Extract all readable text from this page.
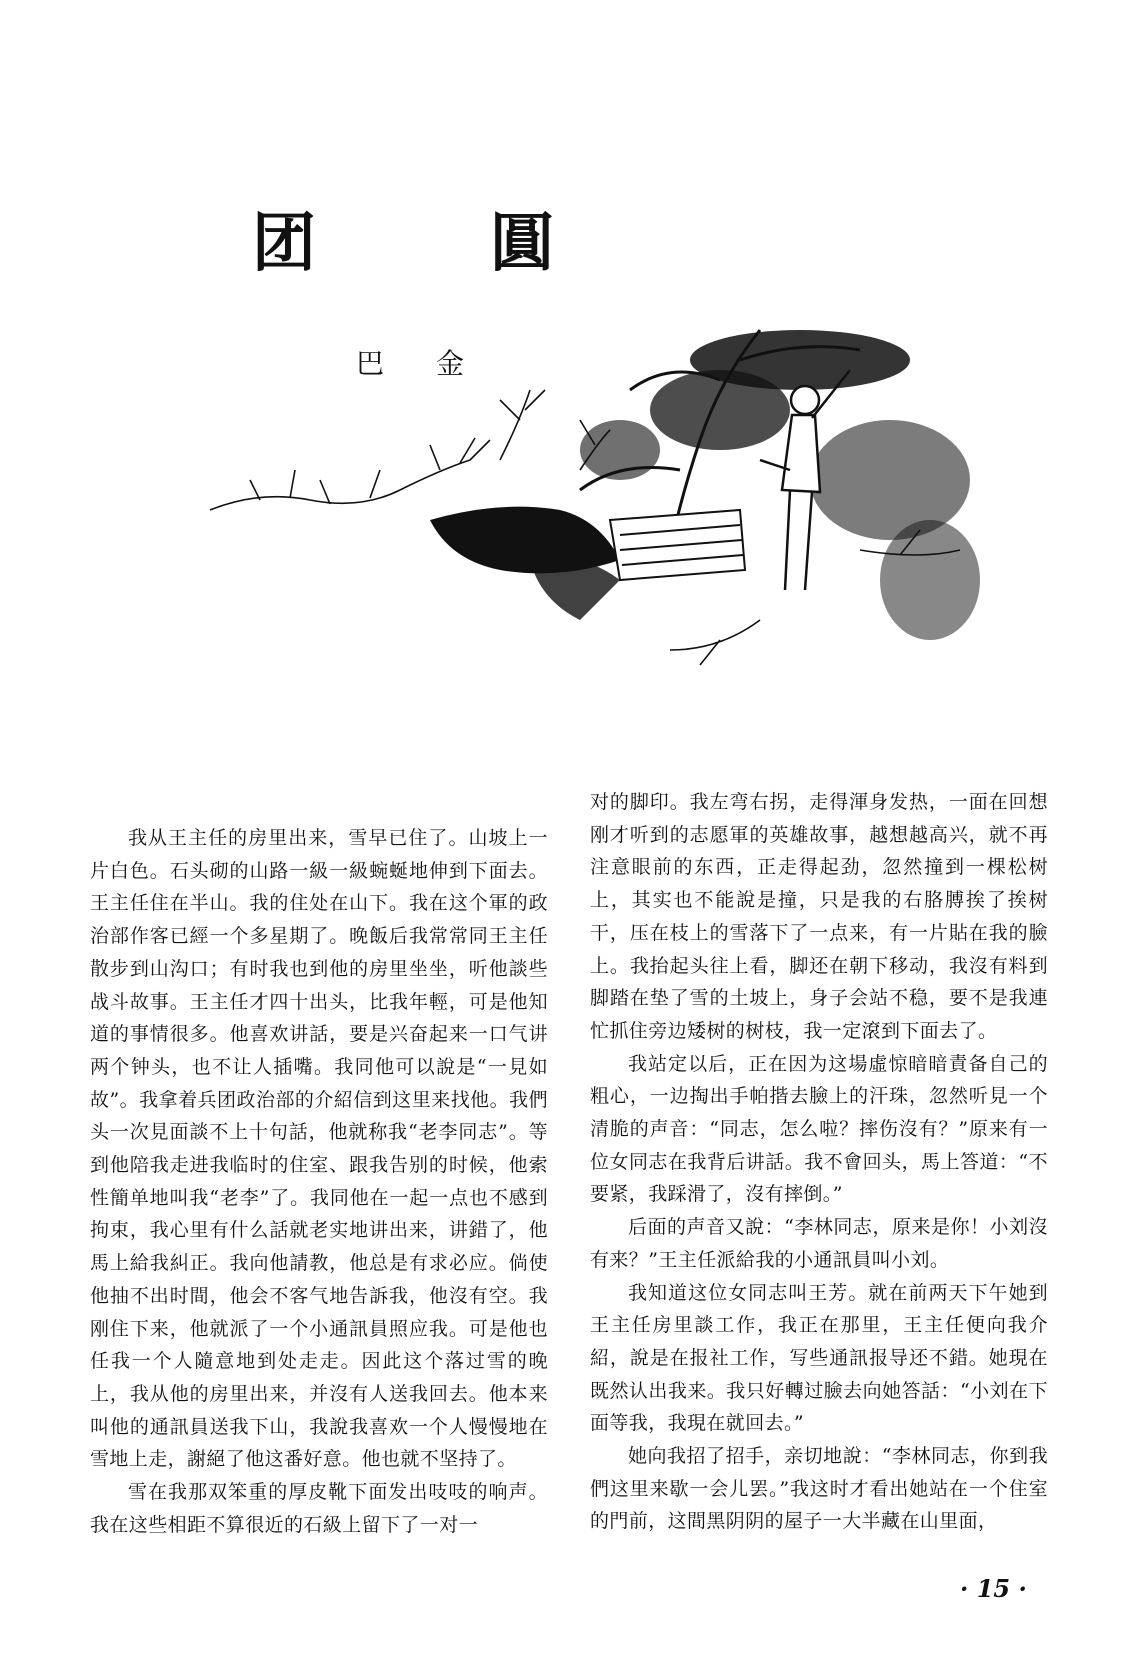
团	圓
巴 金

我从王主任的房里出来，雪早已住了。山坡上一片白色。石头砌的山路一級一級蜿蜒地伸到下面去。王主任住在半山。我的住处在山下。我在这个軍的政治部作客已經一个多星期了。晚飯后我常常同王主任散步到山沟口；有时我也到他的房里坐坐，听他談些战斗故事。王主任才四十出头，比我年輕，可是他知道的事情很多。他喜欢讲話，要是兴奋起来一口气讲两个钟头，也不让人插嘴。我同他可以說是“一見如故”。我拿着兵团政治部的介紹信到这里来找他。我們头一次見面談不上十句話，他就称我“老李同志”。等到他陪我走进我临时的住室、跟我告别的时候，他索性簡单地叫我“老李”了。我同他在一起一点也不感到拘束，我心里有什么話就老实地讲出来，讲錯了，他馬上給我糾正。我向他請教，他总是有求必应。倘使他抽不出时間，他会不客气地告訴我，他沒有空。我刚住下来，他就派了一个小通訊員照应我。可是他也任我一个人隨意地到处走走。因此这个落过雪的晚上，我从他的房里出来，并沒有人送我回去。他本来叫他的通訊員送我下山，我說我喜欢一个人慢慢地在雪地上走，謝絕了他这番好意。他也就不坚持了。

雪在我那双笨重的厚皮靴下面发出吱吱的响声。我在这些相距不算很近的石級上留下了一对一

对的脚印。我左弯右拐，走得渾身发热，一面在回想刚才听到的志愿軍的英雄故事，越想越高兴，就不再注意眼前的东西，正走得起劲，忽然撞到一棵松树上，其实也不能說是撞，只是我的右胳膊挨了挨树干，压在枝上的雪落下了一点来，有一片貼在我的臉上。我抬起头往上看，脚还在朝下移动，我沒有料到脚踏在垫了雪的土坡上，身子会站不稳，要不是我連忙抓住旁边矮树的树枝，我一定滾到下面去了。

我站定以后，正在因为这場虛惊暗暗責备自己的粗心，一边掏出手帕揩去臉上的汗珠，忽然听見一个清脆的声音：“同志，怎么啦？摔伤沒有？”原来有一位女同志在我背后讲話。我不會回头，馬上答道：“不要紧，我踩滑了，沒有摔倒。”

后面的声音又說：“李林同志，原来是你！小刘沒有来？”王主任派給我的小通訊員叫小刘。

我知道这位女同志叫王芳。就在前两天下午她到王主任房里談工作，我正在那里，王主任便向我介紹，說是在报社工作，写些通訊报导还不錯。她現在既然认出我来。我只好轉过臉去向她答話：“小刘在下面等我，我現在就回去。”

她向我招了招手，亲切地說：“李林同志，你到我們这里来歇一会儿罢。”我这时才看出她站在一个住室的門前，这間黑阴阴的屋子一大半藏在山里面，

· 15 ·
